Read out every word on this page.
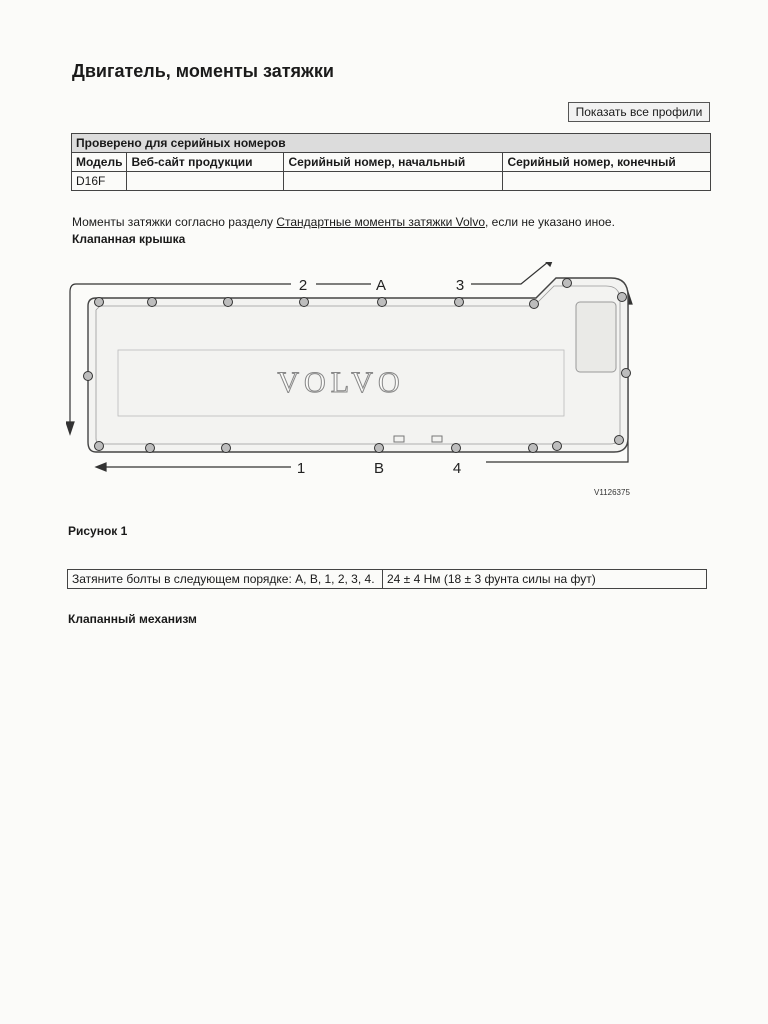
Двигатель, моменты затяжки
Показать все профили
Проверено для серийных номеров			
Модель	Веб-сайт продукции	Серийный номер, начальный	Серийный номер, конечный
D16F			
Моменты затяжки согласно разделу Стандартные моменты затяжки Volvo, если не указано иное.
Клапанная крышка
VOLVO
2	A	3
1	B	4
V1126375
Рисунок 1
Затяните болты в следующем порядке: A, B, 1, 2, 3, 4.	24 ± 4 Нм (18 ± 3 фунта силы на фут)
Клапанный механизм
